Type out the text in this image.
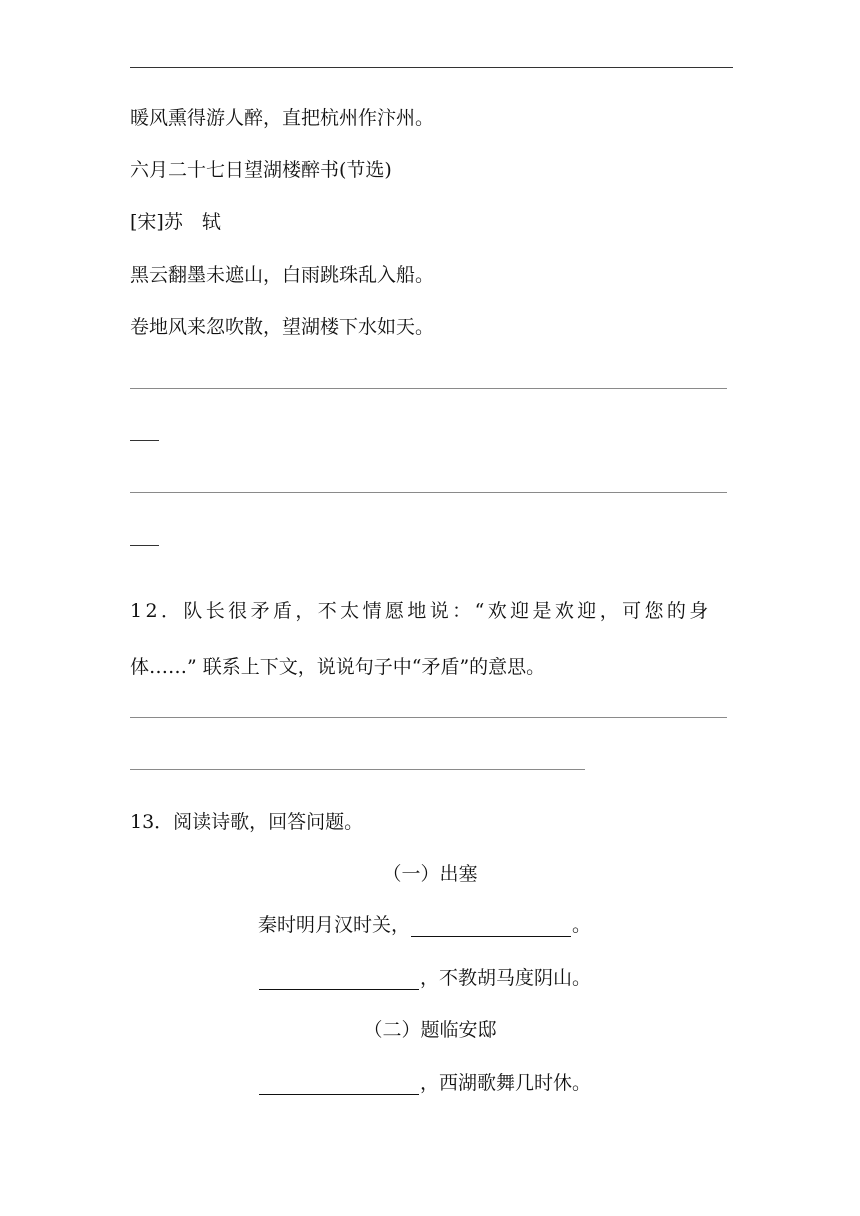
暖风熏得游人醉，直把杭州作汴州。
六月二十七日望湖楼醉书(节选)
[宋]苏　轼
黑云翻墨未遮山，白雨跳珠乱入船。
卷地风来忽吹散，望湖楼下水如天。
12．队长很矛盾，不太情愿地说：“欢迎是欢迎，可您的身
体……” 联系上下文，说说句子中“矛盾”的意思。
13．阅读诗歌，回答问题。
（一）出塞
秦时明月汉时关，	。
，不教胡马度阴山。
（二）题临安邸
，西湖歌舞几时休。
